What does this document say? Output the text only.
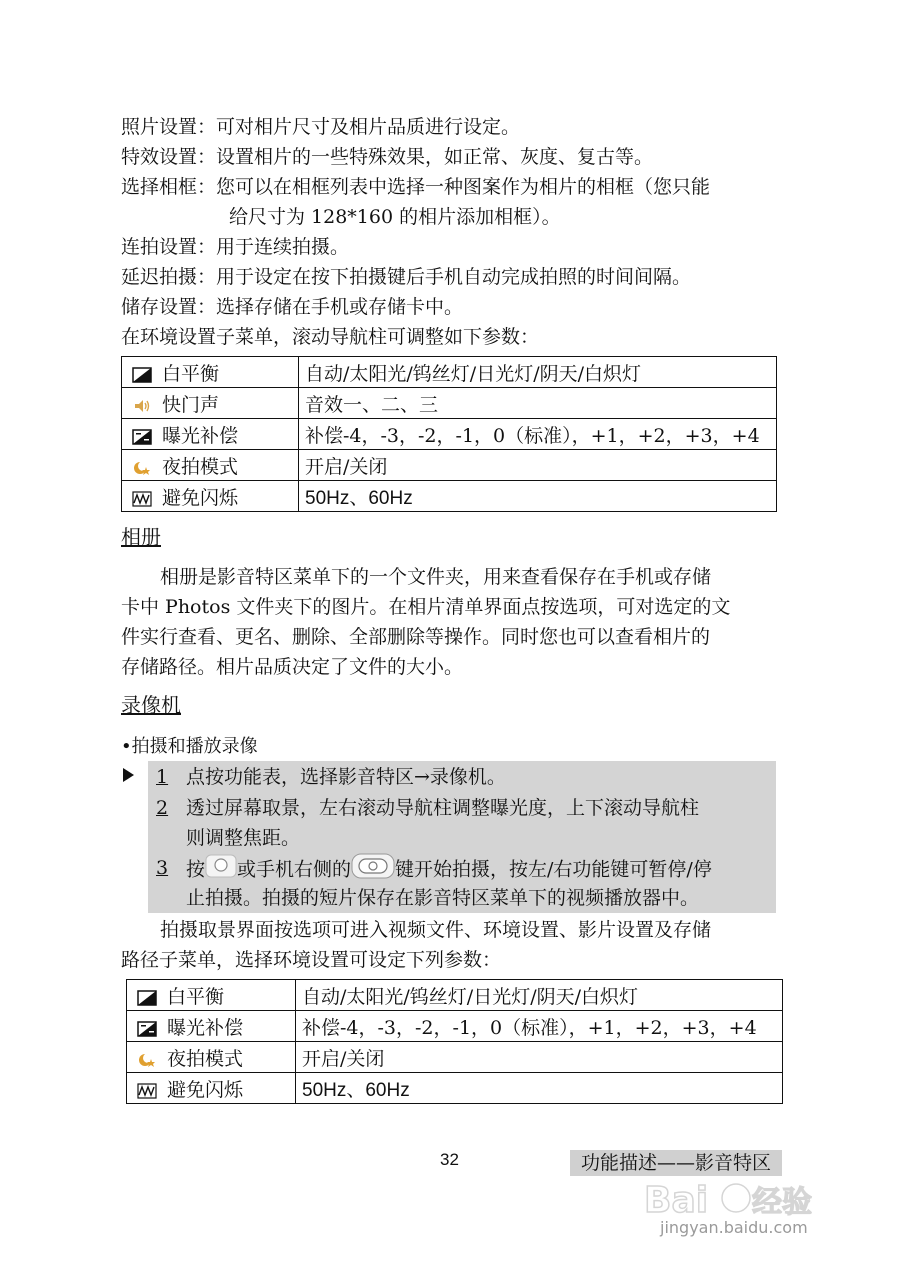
照片设置：可对相片尺寸及相片品质进行设定。
特效设置：设置相片的一些特殊效果，如正常、灰度、复古等。
选择相框：您可以在相框列表中选择一种图案作为相片的相框（您只能
给尺寸为 128*160 的相片添加相框）。
连拍设置：用于连续拍摄。
延迟拍摄：用于设定在按下拍摄键后手机自动完成拍照的时间间隔。
储存设置：选择存储在手机或存储卡中。
在环境设置子菜单，滚动导航柱可调整如下参数：
白平衡	自动/太阳光/钨丝灯/日光灯/阴天/白炽灯

快门声	音效一、二、三

曝光补偿	补偿-4，-3，-2，-1，0（标准），+1，+2，+3，+4

夜拍模式	开启/关闭

避免闪烁	50Hz、60Hz
相册
相册是影音特区菜单下的一个文件夹，用来查看保存在手机或存储
卡中 Photos 文件夹下的图片。在相片清单界面点按选项，可对选定的文
件实行查看、更名、删除、全部删除等操作。同时您也可以查看相片的
存储路径。相片品质决定了文件的大小。
录像机
•拍摄和播放录像
1 点按功能表，选择影音特区→录像机。
2 透过屏幕取景，左右滚动导航柱调整曝光度，上下滚动导航柱
则调整焦距。
3 按 或手机右侧的 键开始拍摄，按左/右功能键可暂停/停
止拍摄。拍摄的短片保存在影音特区菜单下的视频播放器中。
拍摄取景界面按选项可进入视频文件、环境设置、影片设置及存储
路径子菜单，选择环境设置可设定下列参数：
白平衡	自动/太阳光/钨丝灯/日光灯/阴天/白炽灯

曝光补偿	补偿-4，-3，-2，-1，0（标准），+1，+2，+3，+4

夜拍模式	开启/关闭

避免闪烁	50Hz、60Hz
32	功能描述——影音特区
Bai 经验
jingyan.baidu.com
